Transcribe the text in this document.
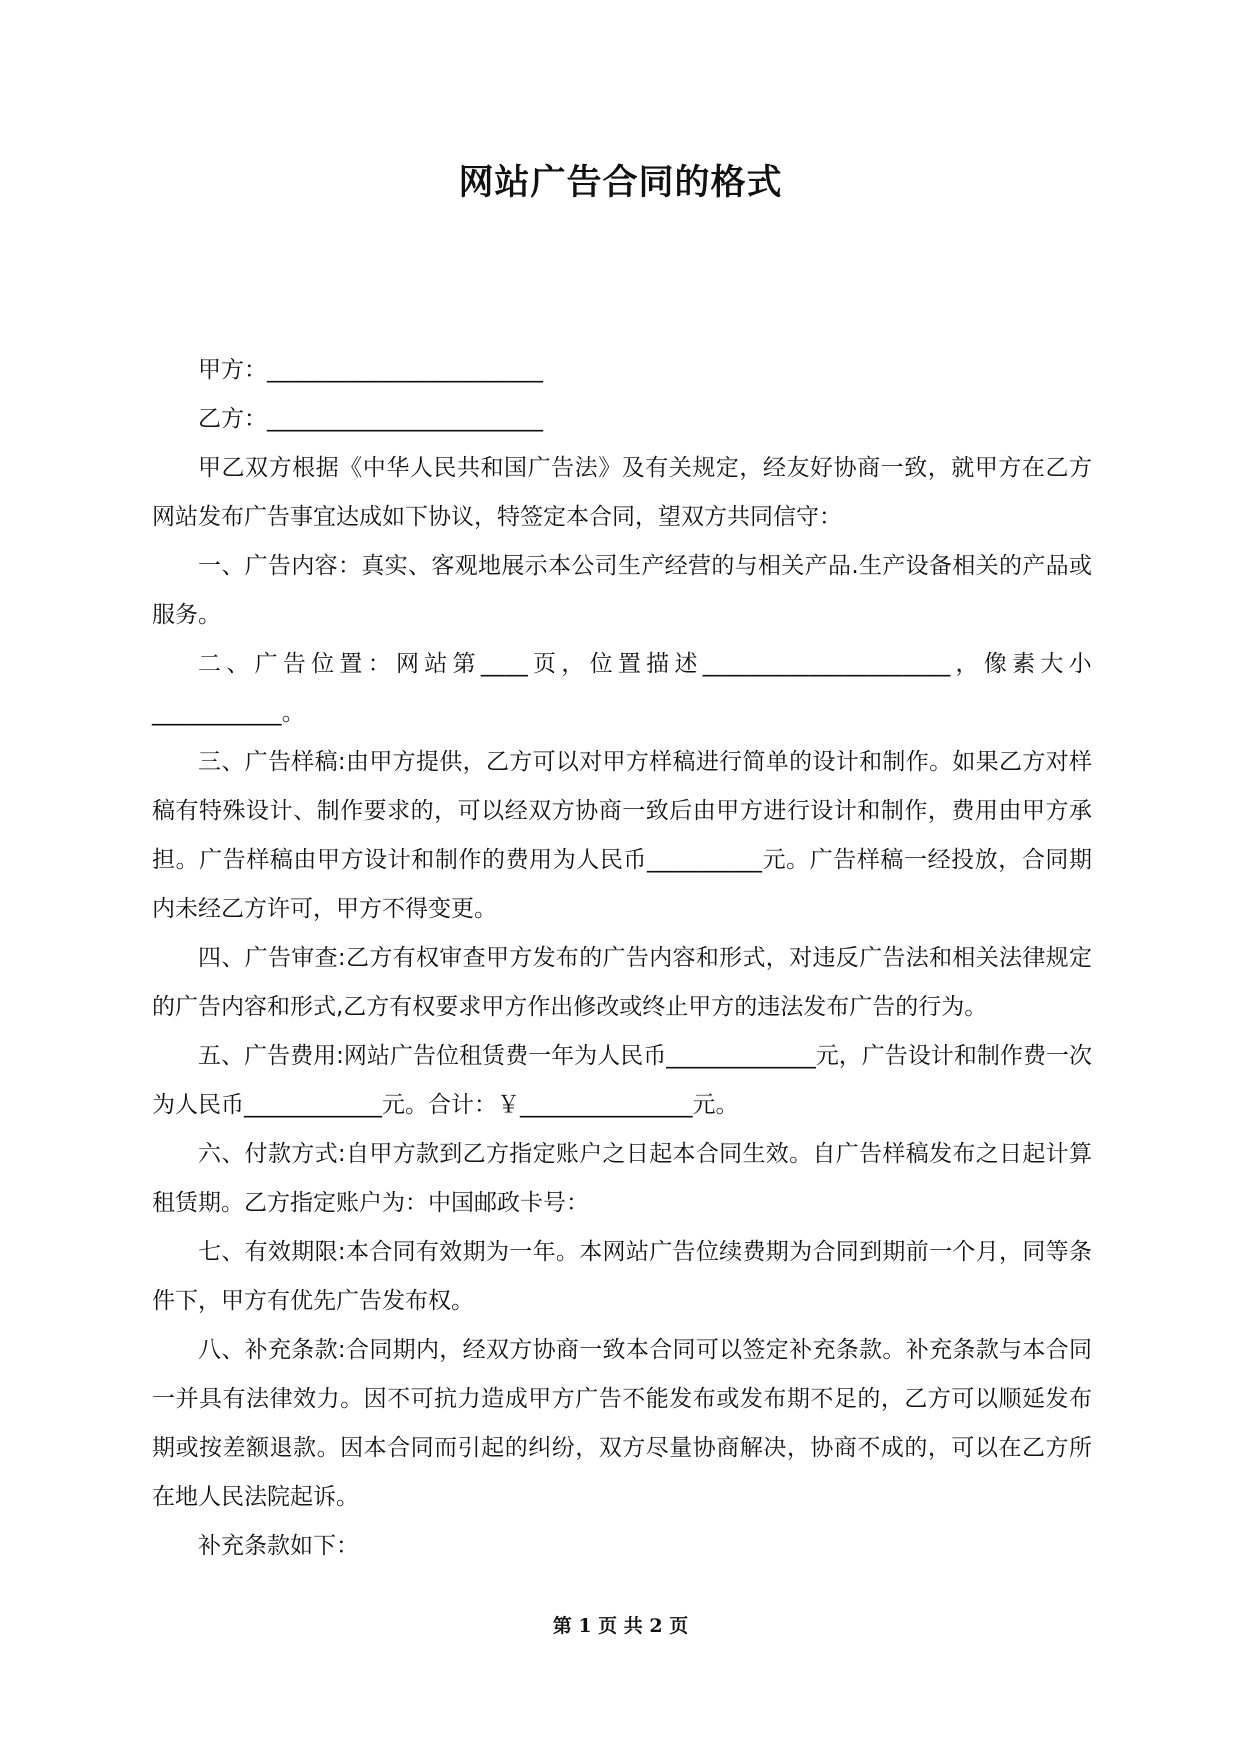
网站广告合同的格式

甲方：________________________

乙方：________________________

甲乙双方根据《中华人民共和国广告法》及有关规定，经友好协商一致，就甲方在乙方网站发布广告事宜达成如下协议，特签定本合同，望双方共同信守：

一、广告内容：真实、客观地展示本公司生产经营的与相关产品.生产设备相关的产品或服务。

二、广告位置：网站第____页，位置描述_____________________，像素大小___________。

三、广告样稿:由甲方提供，乙方可以对甲方样稿进行简单的设计和制作。如果乙方对样稿有特殊设计、制作要求的，可以经双方协商一致后由甲方进行设计和制作，费用由甲方承担。广告样稿由甲方设计和制作的费用为人民币__________元。广告样稿一经投放，合同期内未经乙方许可，甲方不得变更。

四、广告审查:乙方有权审查甲方发布的广告内容和形式，对违反广告法和相关法律规定的广告内容和形式,乙方有权要求甲方作出修改或终止甲方的违法发布广告的行为。

五、广告费用:网站广告位租赁费一年为人民币_____________元，广告设计和制作费一次为人民币____________元。合计：￥_______________元。

六、付款方式:自甲方款到乙方指定账户之日起本合同生效。自广告样稿发布之日起计算租赁期。乙方指定账户为：中国邮政卡号：

七、有效期限:本合同有效期为一年。本网站广告位续费期为合同到期前一个月，同等条件下，甲方有优先广告发布权。

八、补充条款:合同期内，经双方协商一致本合同可以签定补充条款。补充条款与本合同一并具有法律效力。因不可抗力造成甲方广告不能发布或发布期不足的，乙方可以顺延发布期或按差额退款。因本合同而引起的纠纷，双方尽量协商解决，协商不成的，可以在乙方所在地人民法院起诉。

补充条款如下：

第 1 页 共 2 页
